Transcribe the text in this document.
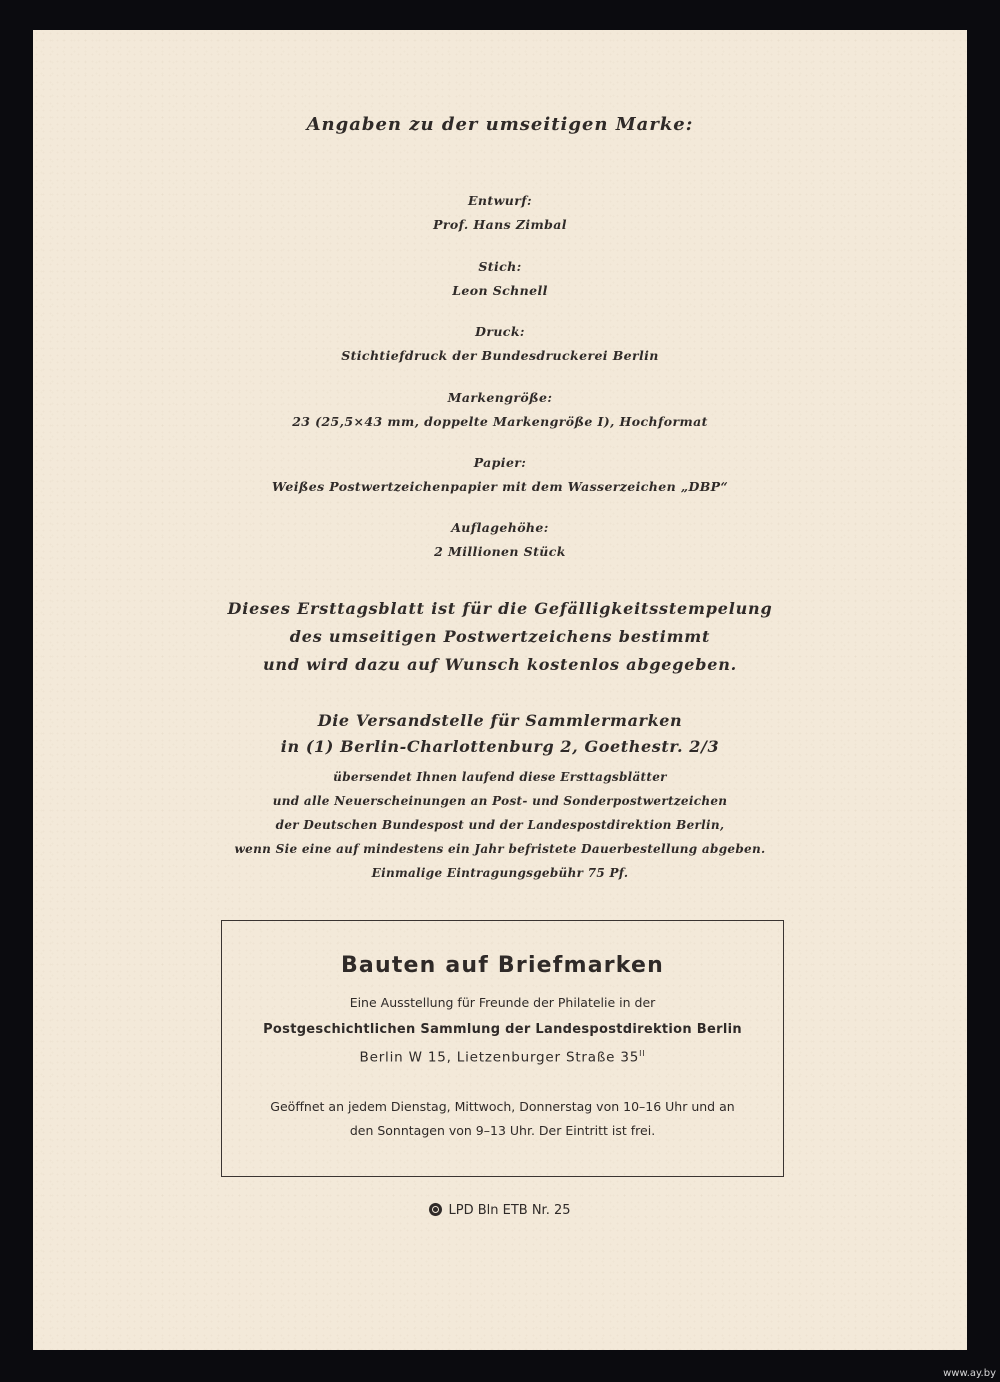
Angaben zu der umseitigen Marke:

Entwurf:

Prof. Hans Zimbal

Stich:

Leon Schnell

Druck:

Stichtiefdruck der Bundesdruckerei Berlin

Markengröße:

23 (25,5×43 mm, doppelte Markengröße I), Hochformat

Papier:

Weißes Postwertzeichenpapier mit dem Wasserzeichen „DBP“

Auflagehöhe:

2 Millionen Stück

Dieses Ersttagsblatt ist für die Gefälligkeitsstempelung

des umseitigen Postwertzeichens bestimmt

und wird dazu auf Wunsch kostenlos abgegeben.

Die Versandstelle für Sammlermarken

in (1) Berlin-Charlottenburg 2, Goethestr. 2/3

übersendet Ihnen laufend diese Ersttagsblätter

und alle Neuerscheinungen an Post- und Sonderpostwertzeichen

der Deutschen Bundespost und der Landespostdirektion Berlin,

wenn Sie eine auf mindestens ein Jahr befristete Dauerbestellung abgeben.

Einmalige Eintragungsgebühr 75 Pf.

Bauten auf Briefmarken

Eine Ausstellung für Freunde der Philatelie in der

Postgeschichtlichen Sammlung der Landespostdirektion Berlin

Berlin W 15, Lietzenburger Straße $35^{II}$

Geöffnet an jedem Dienstag, Mittwoch, Donnerstag von 10–16 Uhr und an

den Sonntagen von 9–13 Uhr. Der Eintritt ist frei.

LPD Bln ETB Nr. 25
www.ay.by
